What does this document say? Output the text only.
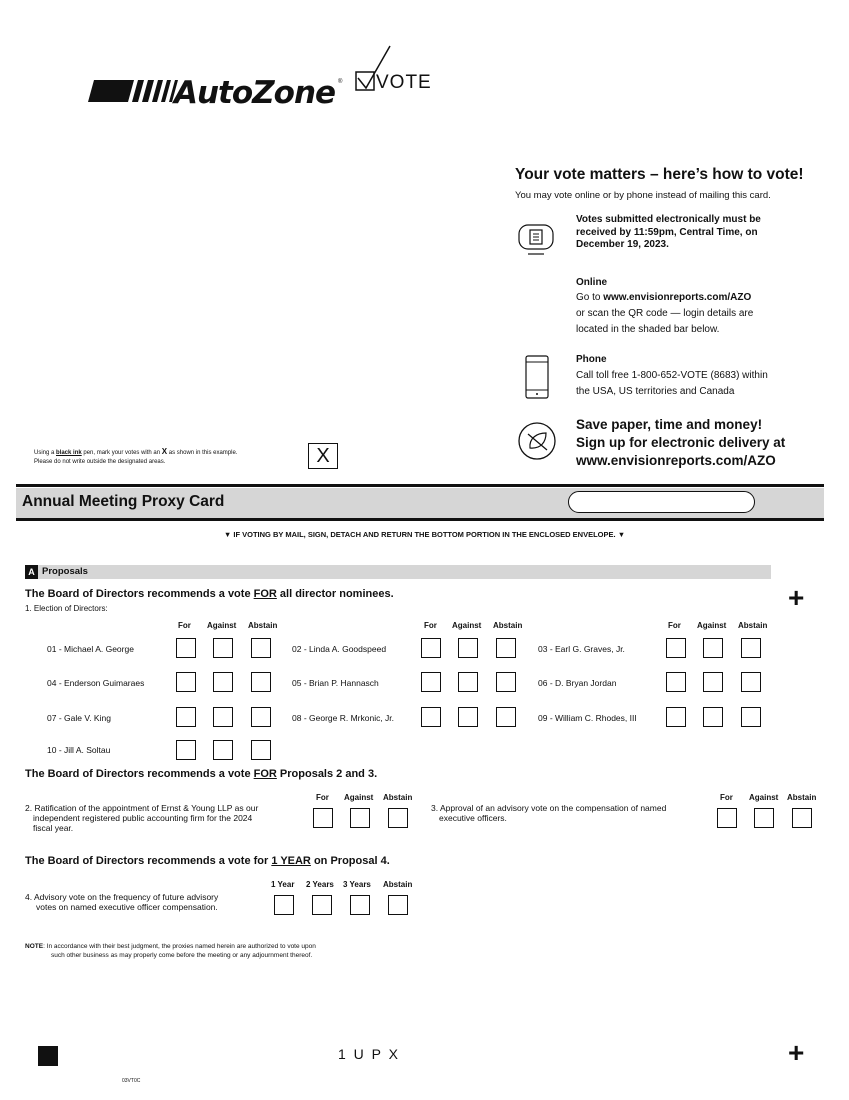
AutoZone ® VOTE
Your vote matters – here’s how to vote!
You may vote online or by phone instead of mailing this card.
Votes submitted electronically must be received by 11:59pm, Central Time, on December 19, 2023.
Online
Go to www.envisionreports.com/AZO
or scan the QR code — login details are
located in the shaded bar below.
Phone
Call toll free 1-800-652-VOTE (8683) within
the USA, US territories and Canada
Save paper, time and money!
Sign up for electronic delivery at
www.envisionreports.com/AZO
Using a black ink pen, mark your votes with an X as shown in this example.
Please do not write outside the designated areas.	X
Annual Meeting Proxy Card
▼ IF VOTING BY MAIL, SIGN, DETACH AND RETURN THE BOTTOM PORTION IN THE ENCLOSED ENVELOPE. ▼
A Proposals
+
The Board of Directors recommends a vote FOR all director nominees.
1. Election of Directors:
For Against Abstain	For Against Abstain	For Against Abstain
01 - Michael A. George	02 - Linda A. Goodspeed	03 - Earl G. Graves, Jr.
04 - Enderson Guimaraes	05 - Brian P. Hannasch	06 - D. Bryan Jordan
07 - Gale V. King	08 - George R. Mrkonic, Jr.	09 - William C. Rhodes, III
10 - Jill A. Soltau
The Board of Directors recommends a vote FOR Proposals 2 and 3.
2. Ratification of the appointment of Ernst & Young LLP as our
independent registered public accounting firm for the 2024
fiscal year.
For Against Abstain
3. Approval of an advisory vote on the compensation of named
executive officers.
For Against Abstain
The Board of Directors recommends a vote for 1 YEAR on Proposal 4.
4. Advisory vote on the frequency of future advisory
votes on named executive officer compensation.
1 Year 2 Years 3 Years Abstain
NOTE: In accordance with their best judgment, the proxies named herein are authorized to vote upon
such other business as may properly come before the meeting or any adjournment thereof.
1 U P X	+
03VT0C
